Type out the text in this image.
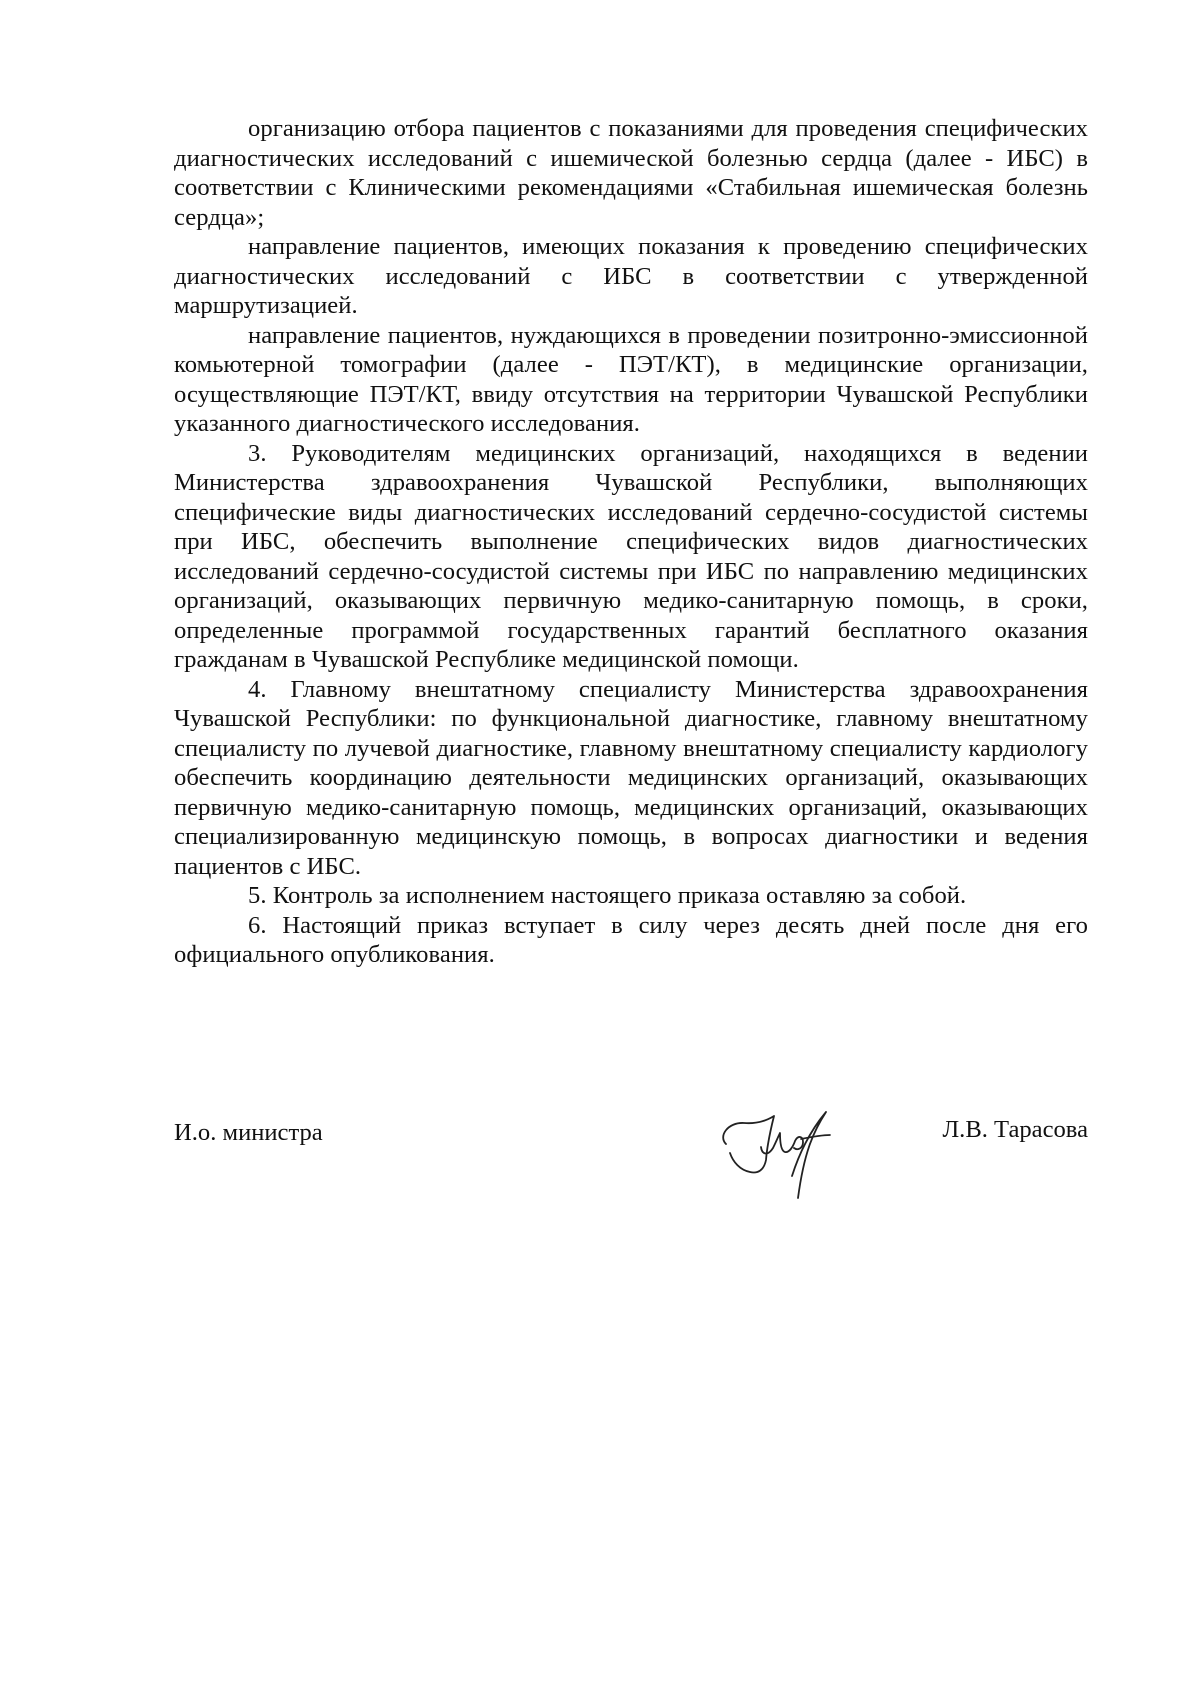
организацию отбора пациентов с показаниями для проведения специфических диагностических исследований с ишемической болезнью сердца (далее - ИБС) в соответствии с Клиническими рекомендациями «Стабильная ишемическая болезнь сердца»;

направление пациентов, имеющих показания к проведению специфических диагностических исследований с ИБС в соответствии с утвержденной маршрутизацией.

направление пациентов, нуждающихся в проведении позитронно-эмиссионной комьютерной томографии (далее - ПЭТ/КТ), в медицинские организации, осуществляющие ПЭТ/КТ, ввиду отсутствия на территории Чувашской Республики указанного диагностического исследования.

3. Руководителям медицинских организаций, находящихся в ведении Министерства здравоохранения Чувашской Республики, выполняющих специфические виды диагностических исследований сердечно-сосудистой системы при ИБС, обеспечить выполнение специфических видов диагностических исследований сердечно-сосудистой системы при ИБС по направлению медицинских организаций, оказывающих первичную медико-санитарную помощь, в сроки, определенные программой государственных гарантий бесплатного оказания гражданам в Чувашской Республике медицинской помощи.

4. Главному внештатному специалисту Министерства здравоохранения Чувашской Республики: по функциональной диагностике, главному внештатному специалисту по лучевой диагностике, главному внештатному специалисту кардиологу обеспечить координацию деятельности медицинских организаций, оказывающих первичную медико-санитарную помощь, медицинских организаций, оказывающих специализированную медицинскую помощь, в вопросах диагностики и ведения пациентов с ИБС.

5. Контроль за исполнением настоящего приказа оставляю за собой.

6. Настоящий приказ вступает в силу через десять дней после дня его официального опубликования.

И.о. министра	Л.В. Тарасова
